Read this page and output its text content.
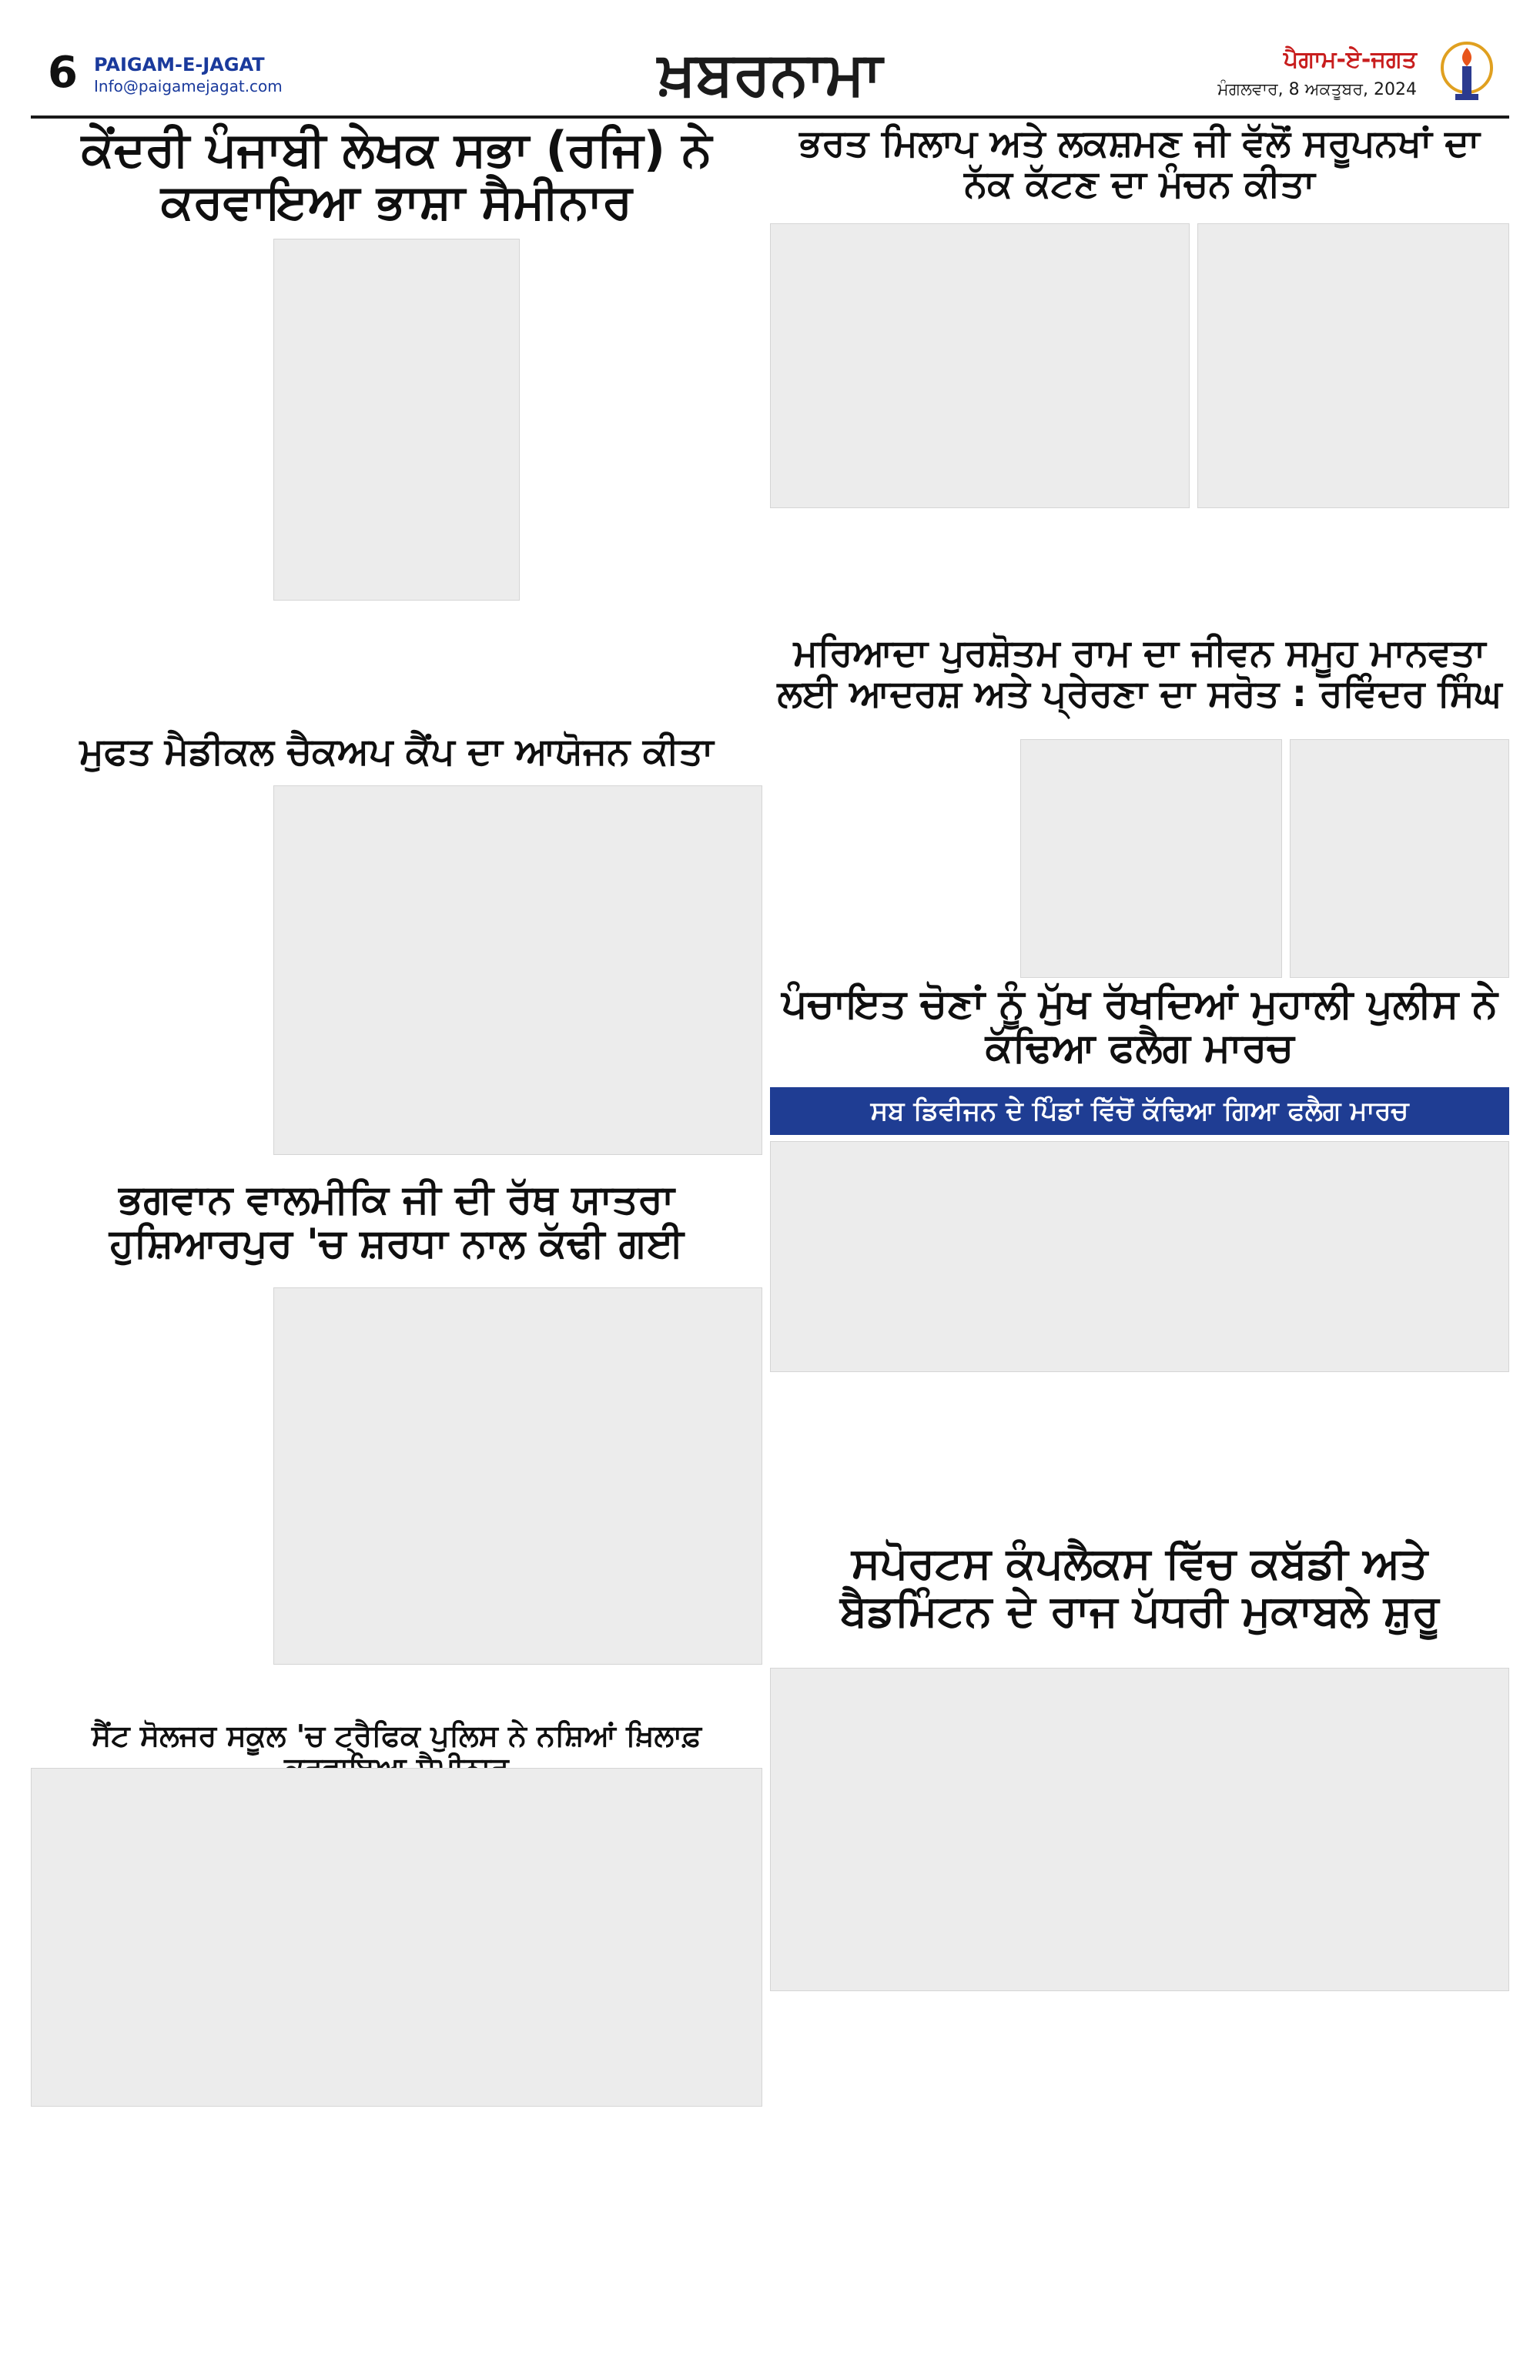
6 PAIGAM-E-JAGAT
Info@paigamejagat.com	ਖ਼ਬਰਨਾਮਾ	ਪੈਗਾਮ-ਏ-ਜਗਤ
ਮੰਗਲਵਾਰ, 8 ਅਕਤੂਬਰ, 2024
ਕੇਂਦਰੀ ਪੰਜਾਬੀ ਲੇਖਕ ਸਭਾ (ਰਜਿ) ਨੇ ਕਰਵਾਇਆ ਭਾਸ਼ਾ ਸੈਮੀਨਾਰ
ਭਰਤ ਮਿਲਾਪ ਅਤੇ ਲਕਸ਼ਮਣ ਜੀ ਵੱਲੋਂ ਸਰੂਪਨਖਾਂ ਦਾ ਨੱਕ ਕੱਟਣ ਦਾ ਮੰਚਨ ਕੀਤਾ
ਮਰਿਆਦਾ ਪੁਰਸ਼ੋਤਮ ਰਾਮ ਦਾ ਜੀਵਨ ਸਮੂਹ ਮਾਨਵਤਾ ਲਈ ਆਦਰਸ਼ ਅਤੇ ਪ੍ਰੇਰਣਾ ਦਾ ਸਰੋਤ : ਰਵਿੰਦਰ ਸਿੰਘ
ਮੁਫਤ ਮੈਡੀਕਲ ਚੈਕਅਪ ਕੈਂਪ ਦਾ ਆਯੋਜਨ ਕੀਤਾ
ਪੰਚਾਇਤ ਚੋਣਾਂ ਨੂੰ ਮੁੱਖ ਰੱਖਦਿਆਂ ਮੁਹਾਲੀ ਪੁਲੀਸ ਨੇ ਕੱਢਿਆ ਫਲੈਗ ਮਾਰਚ
ਸਬ ਡਿਵੀਜਨ ਦੇ ਪਿੰਡਾਂ ਵਿੱਚੋਂ ਕੱਢਿਆ ਗਿਆ ਫਲੈਗ ਮਾਰਚ
ਭਗਵਾਨ ਵਾਲਮੀਕਿ ਜੀ ਦੀ ਰੱਥ ਯਾਤਰਾ ਹੁਸ਼ਿਆਰਪੁਰ 'ਚ ਸ਼ਰਧਾ ਨਾਲ ਕੱਢੀ ਗਈ
ਸਪੋਰਟਸ ਕੰਪਲੈਕਸ ਵਿੱਚ ਕਬੱਡੀ ਅਤੇ ਬੈਡਮਿੰਟਨ ਦੇ ਰਾਜ ਪੱਧਰੀ ਮੁਕਾਬਲੇ ਸ਼ੁਰੂ
ਸੈਂਟ ਸੋਲਜਰ ਸਕੂਲ 'ਚ ਟ੍ਰੈਫਿਕ ਪੁਲਿਸ ਨੇ ਨਸ਼ਿਆਂ ਖ਼ਿਲਾਫ਼
